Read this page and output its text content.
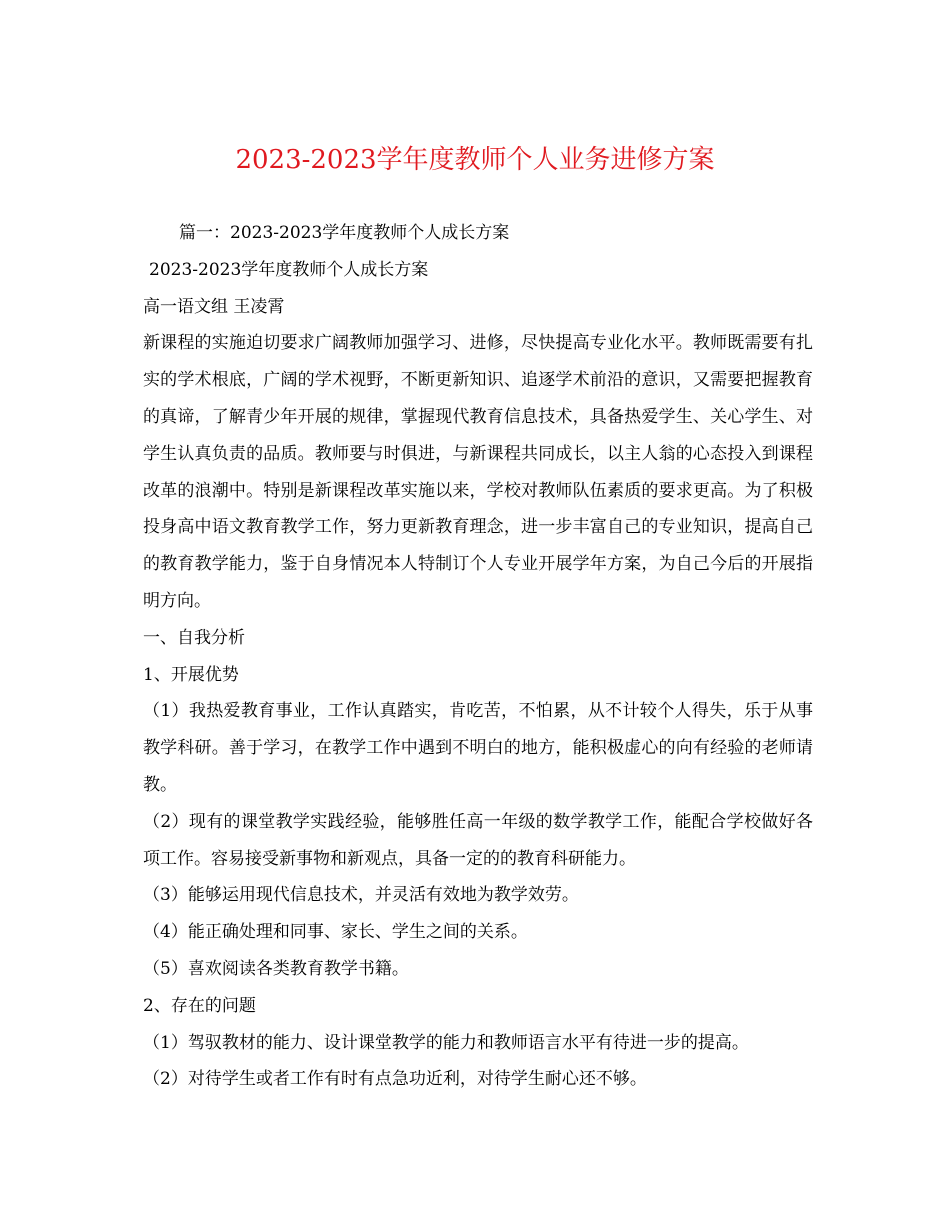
2023-2023学年度教师个人业务进修方案

篇一：2023-2023学年度教师个人成长方案

2023-2023学年度教师个人成长方案

高一语文组 王凌霄

新课程的实施迫切要求广阔教师加强学习、进修，尽快提高专业化水平。教师既需要有扎实的学术根底，广阔的学术视野，不断更新知识、追逐学术前沿的意识，又需要把握教育的真谛，了解青少年开展的规律，掌握现代教育信息技术，具备热爱学生、关心学生、对学生认真负责的品质。教师要与时俱进，与新课程共同成长，以主人翁的心态投入到课程改革的浪潮中。特别是新课程改革实施以来，学校对教师队伍素质的要求更高。为了积极投身高中语文教育教学工作，努力更新教育理念，进一步丰富自己的专业知识，提高自己的教育教学能力，鉴于自身情况本人特制订个人专业开展学年方案，为自己今后的开展指明方向。

一、自我分析

1、开展优势

（1）我热爱教育事业，工作认真踏实，肯吃苦，不怕累，从不计较个人得失，乐于从事教学科研。善于学习，在教学工作中遇到不明白的地方，能积极虚心的向有经验的老师请教。

（2）现有的课堂教学实践经验，能够胜任高一年级的数学教学工作，能配合学校做好各项工作。容易接受新事物和新观点，具备一定的的教育科研能力。

（3）能够运用现代信息技术，并灵活有效地为教学效劳。

（4）能正确处理和同事、家长、学生之间的关系。

（5）喜欢阅读各类教育教学书籍。

2、存在的问题

（1）驾驭教材的能力、设计课堂教学的能力和教师语言水平有待进一步的提高。

（2）对待学生或者工作有时有点急功近利，对待学生耐心还不够。
